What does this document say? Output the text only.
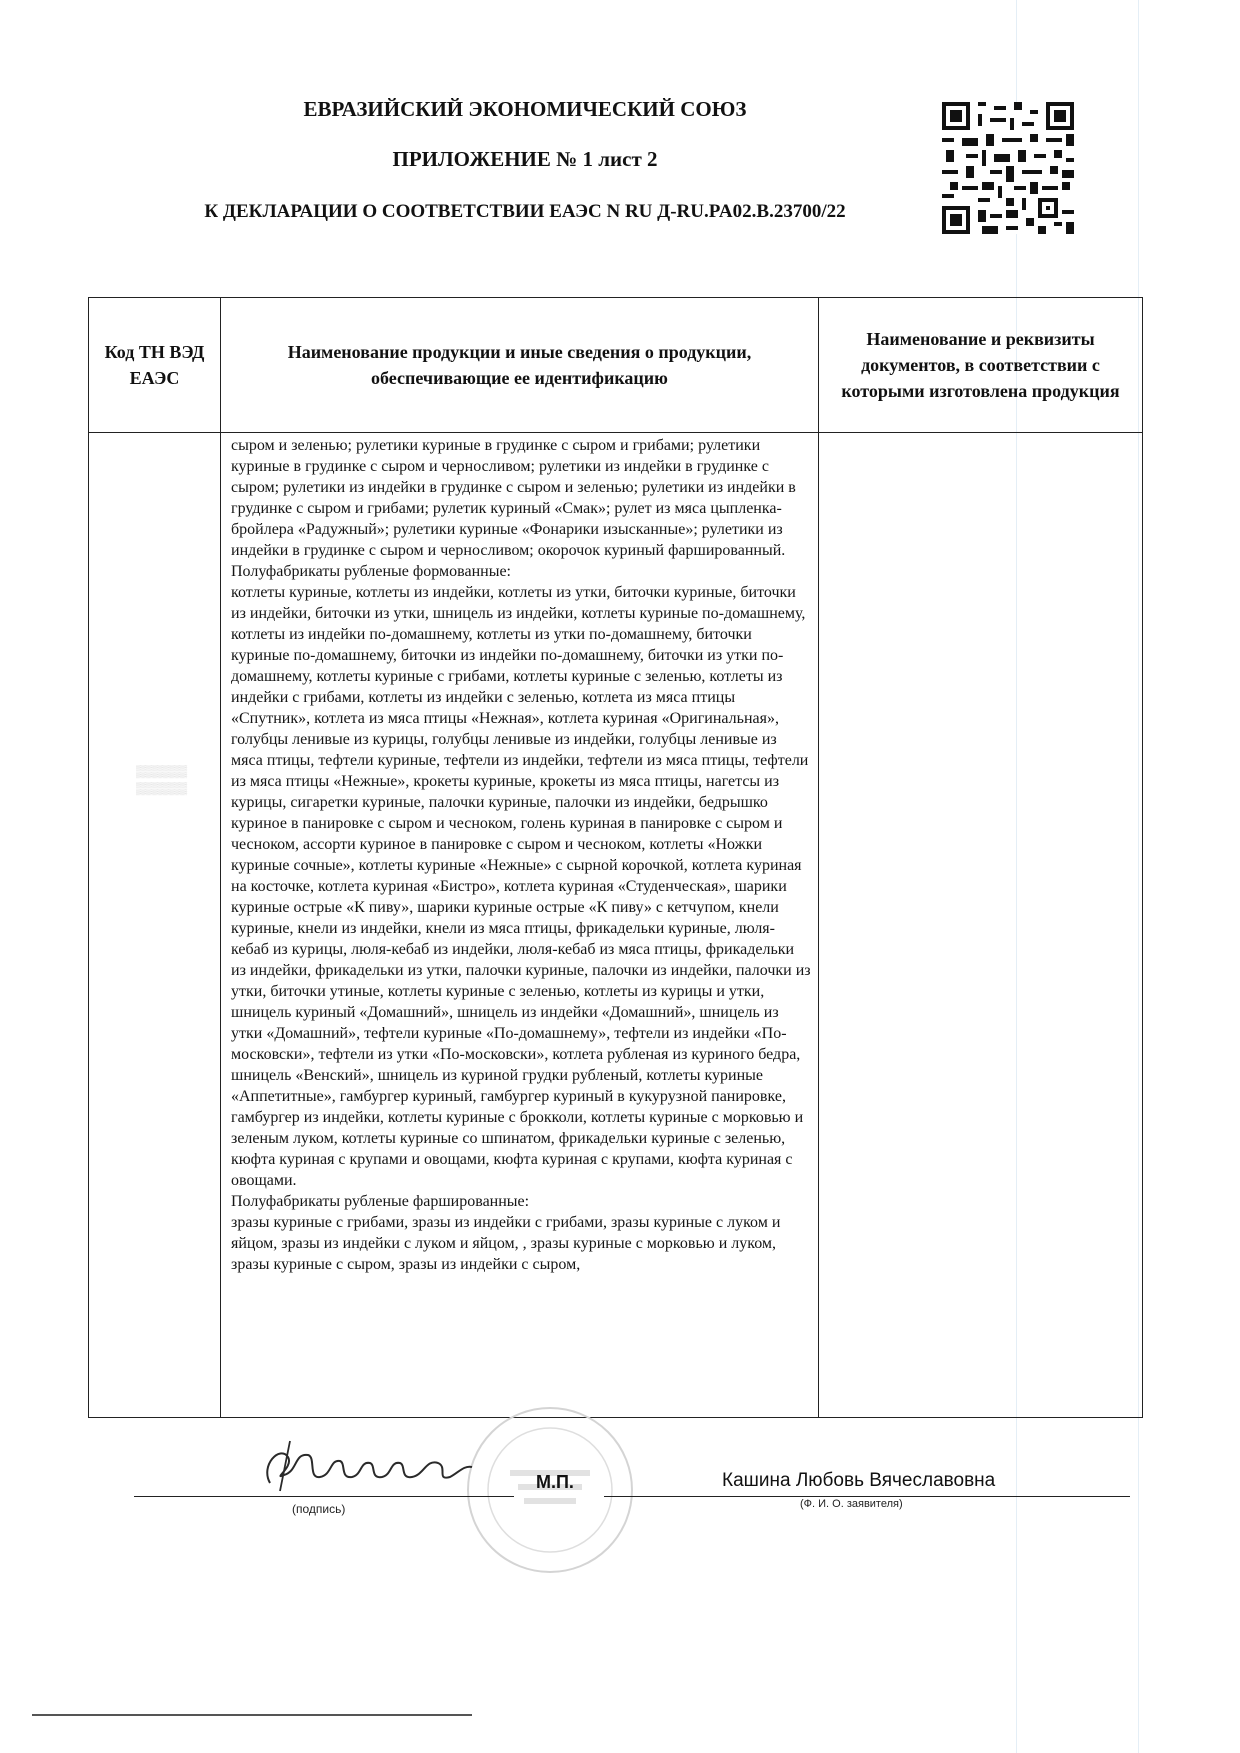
ЕВРАЗИЙСКИЙ ЭКОНОМИЧЕСКИЙ СОЮЗ
ПРИЛОЖЕНИЕ № 1 лист 2
К ДЕКЛАРАЦИИ О СООТВЕТСТВИИ ЕАЭС N RU Д-RU.PA02.B.23700/22
Код ТН ВЭД ЕАЭС
Наименование продукции и иные сведения о продукции, обеспечивающие ее идентификацию
Наименование и реквизиты документов, в соответствии с которыми изготовлена продукция
▒▒▒▒▒▒
▒▒▒▒▒▒

сыром и зеленью; рулетики куриные в грудинке с сыром и грибами; рулетики куриные в грудинке с сыром и черносливом; рулетики из индейки в грудинке с сыром; рулетики из индейки в грудинке с сыром и зеленью; рулетики из индейки в грудинке с сыром и грибами; рулетик куриный «Смак»; рулет из мяса цыпленка-бройлера «Радужный»; рулетики куриные «Фонарики изысканные»; рулетики из индейки в грудинке с сыром и черносливом; окорочок куриный фаршированный.

Полуфабрикаты рубленые формованные:

котлеты куриные, котлеты из индейки, котлеты из утки, биточки куриные, биточки из индейки, биточки из утки, шницель из индейки, котлеты куриные по-домашнему, котлеты из индейки по-домашнему, котлеты из утки по-домашнему, биточки куриные по-домашнему, биточки из индейки по-домашнему, биточки из утки по-домашнему, котлеты куриные с грибами, котлеты куриные с зеленью, котлеты из индейки с грибами, котлеты из индейки с зеленью, котлета из мяса птицы «Спутник», котлета из мяса птицы «Нежная», котлета куриная «Оригинальная», голубцы ленивые из курицы, голубцы ленивые из индейки, голубцы ленивые из мяса птицы, тефтели куриные, тефтели из индейки, тефтели из мяса птицы, тефтели из мяса птицы «Нежные», крокеты куриные, крокеты из мяса птицы, нагетсы из курицы, сигаретки куриные, палочки куриные, палочки из индейки, бедрышко куриное в панировке с сыром и чесноком, голень куриная в панировке с сыром и чесноком, ассорти куриное в панировке с сыром и чесноком, котлеты «Ножки куриные сочные», котлеты куриные «Нежные» с сырной корочкой, котлета куриная на косточке, котлета куриная «Бистро», котлета куриная «Студенческая», шарики куриные острые «К пиву», шарики куриные острые «К пиву» с кетчупом, кнели куриные, кнели из индейки, кнели из мяса птицы, фрикадельки куриные, люля-кебаб из курицы, люля-кебаб из индейки, люля-кебаб из мяса птицы, фрикадельки из индейки, фрикадельки из утки, палочки куриные, палочки из индейки, палочки из утки, биточки утиные, котлеты куриные с зеленью, котлеты из курицы и утки, шницель куриный «Домашний», шницель из индейки «Домашний», шницель из утки «Домашний», тефтели куриные «По-домашнему», тефтели из индейки «По-московски», тефтели из утки «По-московски», котлета рубленая из куриного бедра, шницель «Венский», шницель из куриной грудки рубленый, котлеты куриные «Аппетитные», гамбургер куриный, гамбургер куриный в кукурузной панировке, гамбургер из индейки, котлеты куриные с брокколи, котлеты куриные с морковью и зеленым луком, котлеты куриные со шпинатом, фрикадельки куриные с зеленью, кюфта куриная с крупами и овощами, кюфта куриная с крупами, кюфта куриная с овощами.

Полуфабрикаты рубленые фаршированные:

зразы куриные с грибами, зразы из индейки с грибами, зразы куриные с луком и яйцом, зразы из индейки с луком и яйцом, , зразы куриные с морковью и луком, зразы куриные с сыром, зразы из индейки с сыром,

(подпись)
М.П.	Кашина Любовь Вячеславовна
(Ф. И. О. заявителя)
